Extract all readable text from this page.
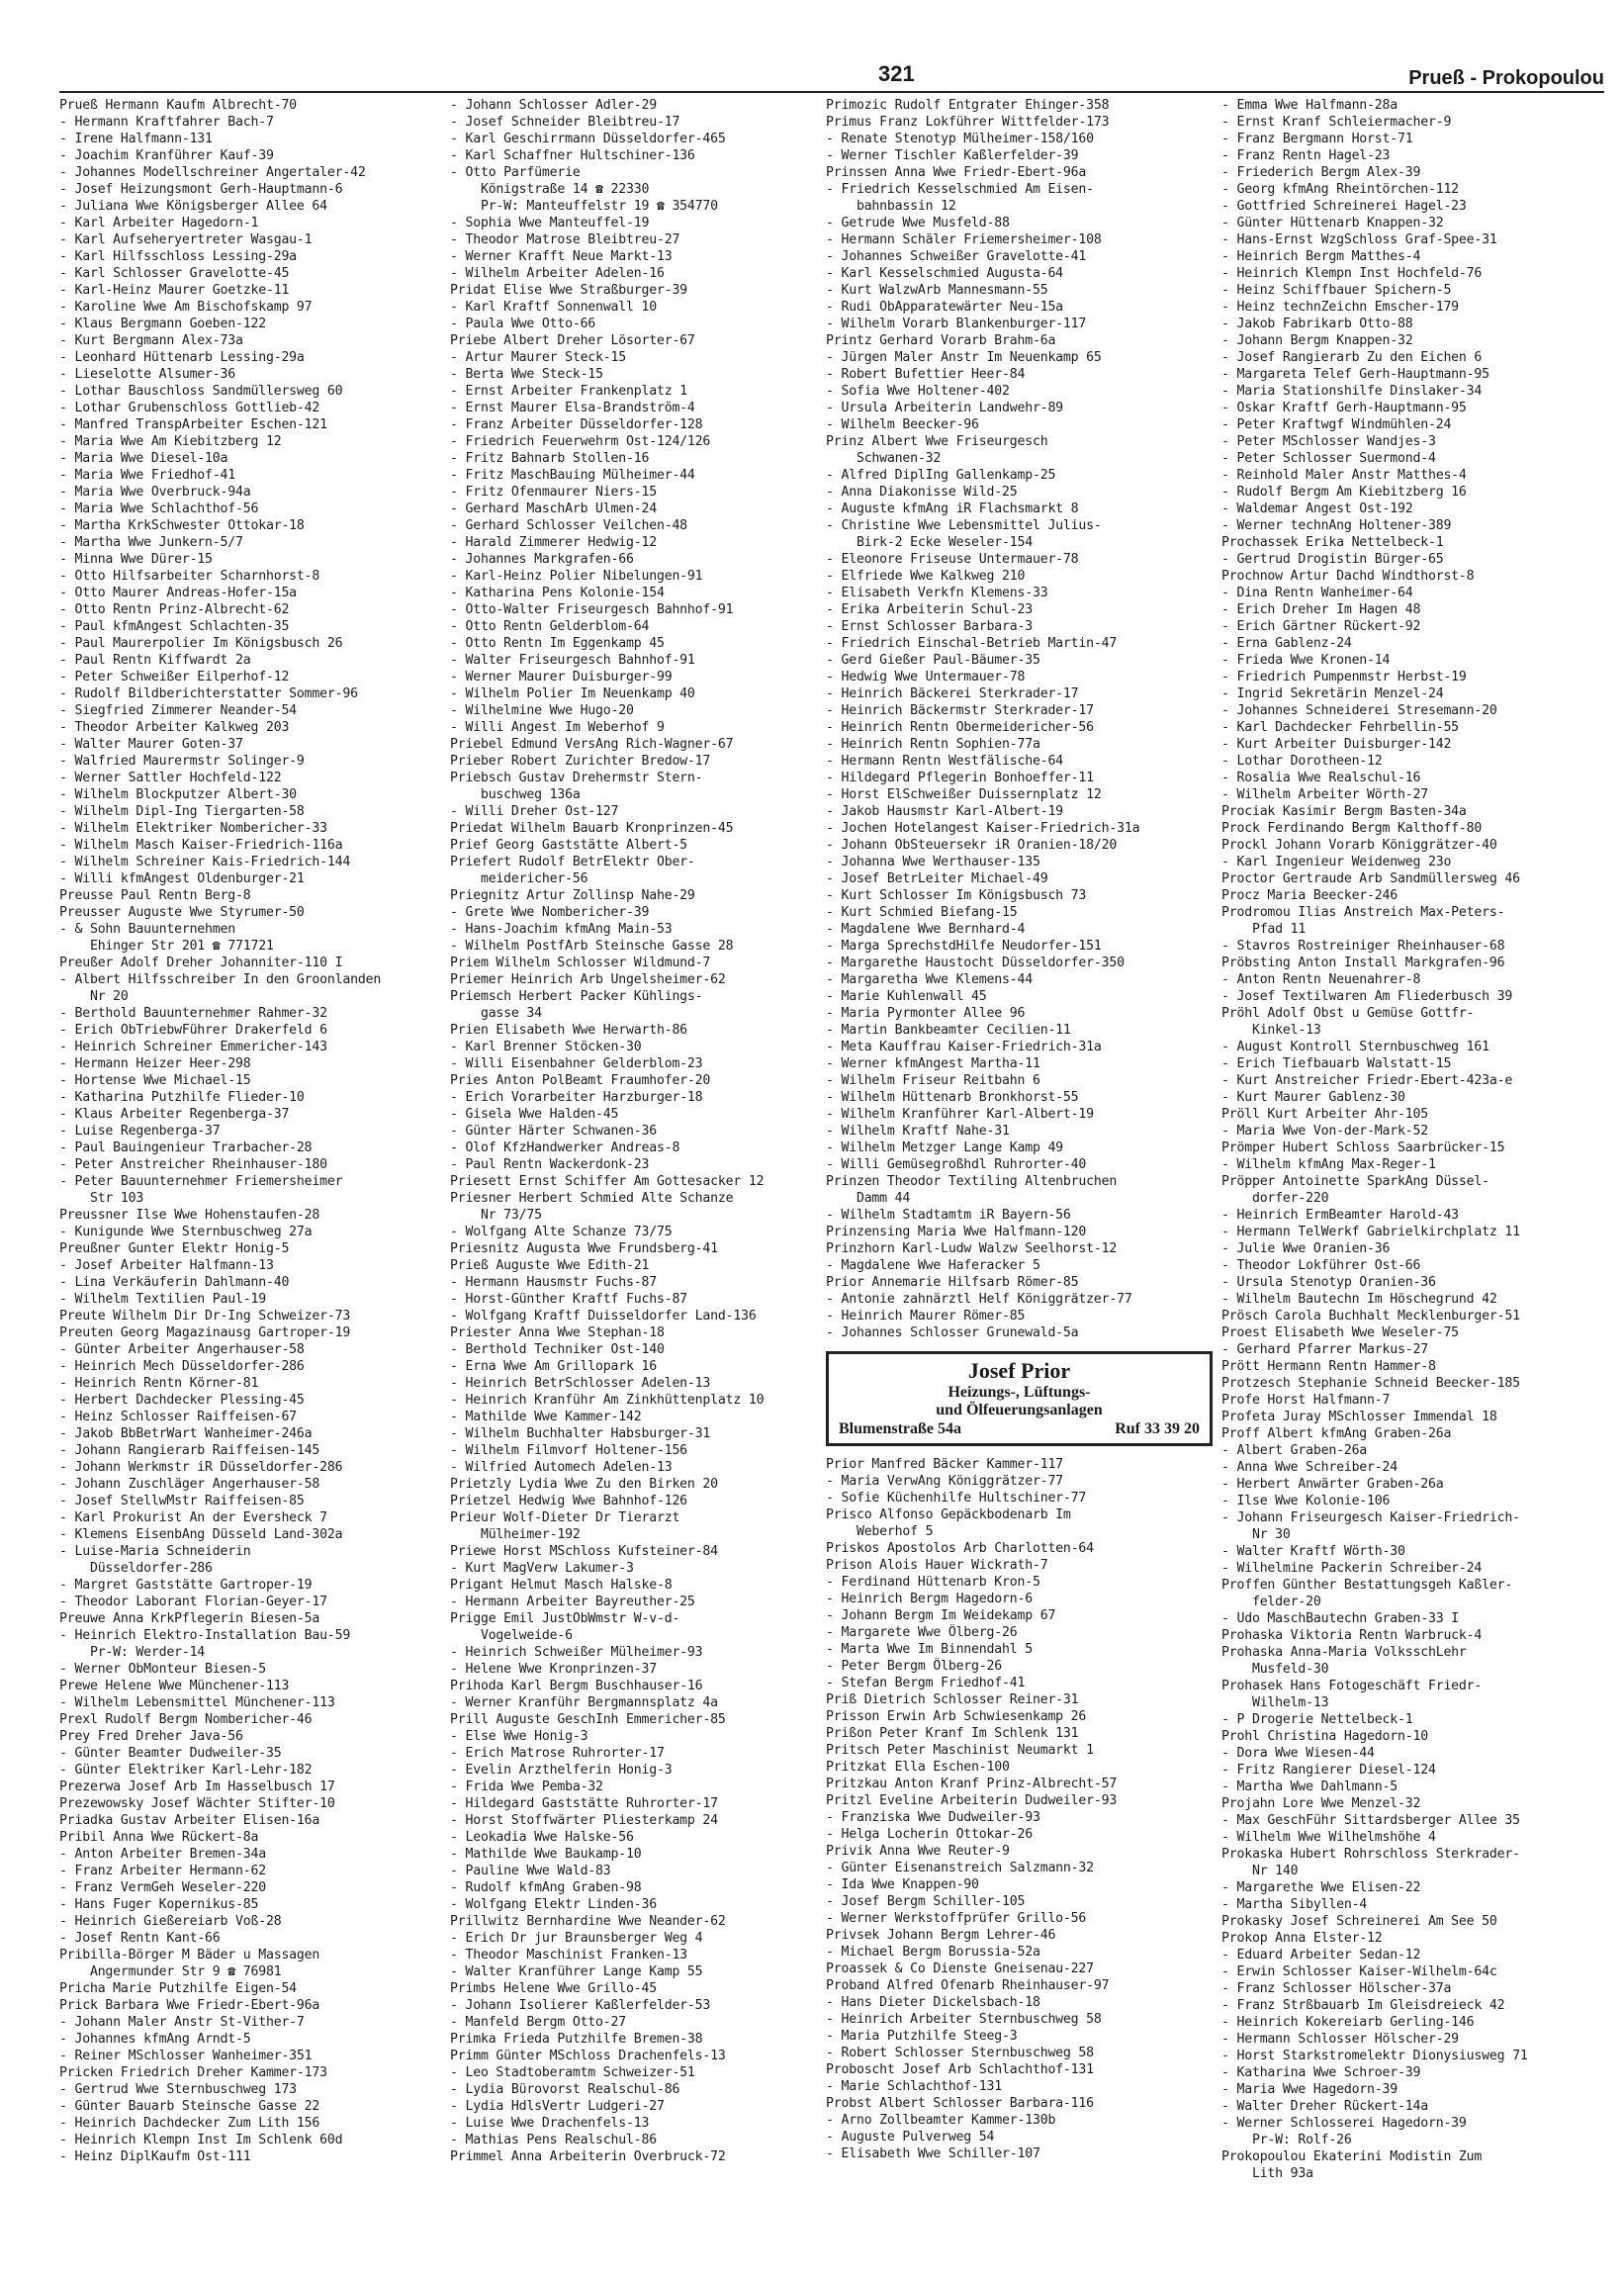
321	Prueß - Prokopoulou
Prueß Hermann Kaufm Albrecht-70
- Hermann Kraftfahrer Bach-7
- Irene Halfmann-131
- Joachim Kranführer Kauf-39
- Johannes Modellschreiner Angertaler-42
- Josef Heizungsmont Gerh-Hauptmann-6
- Juliana Wwe Königsberger Allee 64
- Karl Arbeiter Hagedorn-1
- Karl Aufseheryertreter Wasgau-1
- Karl Hilfsschloss Lessing-29a
- Karl Schlosser Gravelotte-45
- Karl-Heinz Maurer Goetzke-11
- Karoline Wwe Am Bischofskamp 97
- Klaus Bergmann Goeben-122
- Kurt Bergmann Alex-73a
- Leonhard Hüttenarb Lessing-29a
- Lieselotte Alsumer-36
- Lothar Bauschloss Sandmüllersweg 60
- Lothar Grubenschloss Gottlieb-42
- Manfred TranspArbeiter Eschen-121
- Maria Wwe Am Kiebitzberg 12
- Maria Wwe Diesel-10a
- Maria Wwe Friedhof-41
- Maria Wwe Overbruck-94a
- Maria Wwe Schlachthof-56
- Martha KrkSchwester Ottokar-18
- Martha Wwe Junkern-5/7
- Minna Wwe Dürer-15
- Otto Hilfsarbeiter Scharnhorst-8
- Otto Maurer Andreas-Hofer-15a
- Otto Rentn Prinz-Albrecht-62
- Paul kfmAngest Schlachten-35
- Paul Maurerpolier Im Königsbusch 26
- Paul Rentn Kiffwardt 2a
- Peter Schweißer Eilperhof-12
- Rudolf Bildberichterstatter Sommer-96
- Siegfried Zimmerer Neander-54
- Theodor Arbeiter Kalkweg 203
- Walter Maurer Goten-37
- Walfried Maurermstr Solinger-9
- Werner Sattler Hochfeld-122
- Wilhelm Blockputzer Albert-30
- Wilhelm Dipl-Ing Tiergarten-58
- Wilhelm Elektriker Nombericher-33
- Wilhelm Masch Kaiser-Friedrich-116a
- Wilhelm Schreiner Kais-Friedrich-144
- Willi kfmAngest Oldenburger-21
Preusse Paul Rentn Berg-8
Preusser Auguste Wwe Styrumer-50
- & Sohn Bauunternehmen
Ehinger Str 201 ☎ 771721
Preußer Adolf Dreher Johanniter-110 I
- Albert Hilfsschreiber In den Groonlanden
Nr 20
- Berthold Bauunternehmer Rahmer-32
- Erich ObTriebwFührer Drakerfeld 6
- Heinrich Schreiner Emmericher-143
- Hermann Heizer Heer-298
- Hortense Wwe Michael-15
- Katharina Putzhilfe Flieder-10
- Klaus Arbeiter Regenberga-37
- Luise Regenberga-37
- Paul Bauingenieur Trarbacher-28
- Peter Anstreicher Rheinhauser-180
- Peter Bauunternehmer Friemersheimer
Str 103
Preussner Ilse Wwe Hohenstaufen-28
- Kunigunde Wwe Sternbuschweg 27a
Preußner Gunter Elektr Honig-5
- Josef Arbeiter Halfmann-13
- Lina Verkäuferin Dahlmann-40
- Wilhelm Textilien Paul-19
Preute Wilhelm Dir Dr-Ing Schweizer-73
Preuten Georg Magazinausg Gartroper-19
- Günter Arbeiter Angerhauser-58
- Heinrich Mech Düsseldorfer-286
- Heinrich Rentn Körner-81
- Herbert Dachdecker Plessing-45
- Heinz Schlosser Raiffeisen-67
- Jakob BbBetrWart Wanheimer-246a
- Johann Rangierarb Raiffeisen-145
- Johann Werkmstr iR Düsseldorfer-286
- Johann Zuschläger Angerhauser-58
- Josef StellwMstr Raiffeisen-85
- Karl Prokurist An der Eversheck 7
- Klemens EisenbAng Düsseld Land-302a
- Luise-Maria Schneiderin
Düsseldorfer-286
- Margret Gaststätte Gartroper-19
- Theodor Laborant Florian-Geyer-17
Preuwe Anna KrkPflegerin Biesen-5a
- Heinrich Elektro-Installation Bau-59
Pr-W: Werder-14
- Werner ObMonteur Biesen-5
Prewe Helene Wwe Münchener-113
- Wilhelm Lebensmittel Münchener-113
Prexl Rudolf Bergm Nombericher-46
Prey Fred Dreher Java-56
- Günter Beamter Dudweiler-35
- Günter Elektriker Karl-Lehr-182
Prezerwa Josef Arb Im Hasselbusch 17
Prezewowsky Josef Wächter Stifter-10
Priadka Gustav Arbeiter Elisen-16a
Pribil Anna Wwe Rückert-8a
- Anton Arbeiter Bremen-34a
- Franz Arbeiter Hermann-62
- Franz VermGeh Weseler-220
- Hans Fuger Kopernikus-85
- Heinrich Gießereiarb Voß-28
- Josef Rentn Kant-66
Pribilla-Börger M Bäder u Massagen
Angermunder Str 9 ☎ 76981
Pricha Marie Putzhilfe Eigen-54
Prick Barbara Wwe Friedr-Ebert-96a
- Johann Maler Anstr St-Vither-7
- Johannes kfmAng Arndt-5
- Reiner MSchlosser Wanheimer-351
Pricken Friedrich Dreher Kammer-173
- Gertrud Wwe Sternbuschweg 173
- Günter Bauarb Steinsche Gasse 22
- Heinrich Dachdecker Zum Lith 156
- Heinrich Klempn Inst Im Schlenk 60d
- Heinz DiplKaufm Ost-111
- Johann Schlosser Adler-29
- Josef Schneider Bleibtreu-17
- Karl Geschirrmann Düsseldorfer-465
- Karl Schaffner Hultschiner-136
- Otto Parfümerie
Königstraße 14 ☎ 22330
Pr-W: Manteuffelstr 19 ☎ 354770
- Sophia Wwe Manteuffel-19
- Theodor Matrose Bleibtreu-27
- Werner Krafft Neue Markt-13
- Wilhelm Arbeiter Adelen-16
Pridat Elise Wwe Straßburger-39
- Karl Kraftf Sonnenwall 10
- Paula Wwe Otto-66
Priebe Albert Dreher Lösorter-67
- Artur Maurer Steck-15
- Berta Wwe Steck-15
- Ernst Arbeiter Frankenplatz 1
- Ernst Maurer Elsa-Brandström-4
- Franz Arbeiter Düsseldorfer-128
- Friedrich Feuerwehrm Ost-124/126
- Fritz Bahnarb Stollen-16
- Fritz MaschBauing Mülheimer-44
- Fritz Ofenmaurer Niers-15
- Gerhard MaschArb Ulmen-24
- Gerhard Schlosser Veilchen-48
- Harald Zimmerer Hedwig-12
- Johannes Markgrafen-66
- Karl-Heinz Polier Nibelungen-91
- Katharina Pens Kolonie-154
- Otto-Walter Friseurgesch Bahnhof-91
- Otto Rentn Gelderblom-64
- Otto Rentn Im Eggenkamp 45
- Walter Friseurgesch Bahnhof-91
- Werner Maurer Duisburger-99
- Wilhelm Polier Im Neuenkamp 40
- Wilhelmine Wwe Hugo-20
- Willi Angest Im Weberhof 9
Priebel Edmund VersAng Rich-Wagner-67
Prieber Robert Zurichter Bredow-17
Priebsch Gustav Drehermstr Stern-
buschweg 136a
- Willi Dreher Ost-127
Priedat Wilhelm Bauarb Kronprinzen-45
Prief Georg Gaststätte Albert-5
Priefert Rudolf BetrElektr Ober-
meidericher-56
Priegnitz Artur Zollinsp Nahe-29
- Grete Wwe Nombericher-39
- Hans-Joachim kfmAng Main-53
- Wilhelm PostfArb Steinsche Gasse 28
Priem Wilhelm Schlosser Wildmund-7
Priemer Heinrich Arb Ungelsheimer-62
Priemsch Herbert Packer Kühlings-
gasse 34
Prien Elisabeth Wwe Herwarth-86
- Karl Brenner Stöcken-30
- Willi Eisenbahner Gelderblom-23
Pries Anton PolBeamt Fraumhofer-20
- Erich Vorarbeiter Harzburger-18
- Gisela Wwe Halden-45
- Günter Härter Schwanen-36
- Olof KfzHandwerker Andreas-8
- Paul Rentn Wackerdonk-23
Priesett Ernst Schiffer Am Gottesacker 12
Priesner Herbert Schmied Alte Schanze
Nr 73/75
- Wolfgang Alte Schanze 73/75
Priesnitz Augusta Wwe Frundsberg-41
Prieß Auguste Wwe Edith-21
- Hermann Hausmstr Fuchs-87
- Horst-Günther Kraftf Fuchs-87
- Wolfgang Kraftf Duisseldorfer Land-136
Priester Anna Wwe Stephan-18
- Berthold Techniker Ost-140
- Erna Wwe Am Grillopark 16
- Heinrich BetrSchlosser Adelen-13
- Heinrich Kranführ Am Zinkhüttenplatz 10
- Mathilde Wwe Kammer-142
- Wilhelm Buchhalter Habsburger-31
- Wilhelm Filmvorf Holtener-156
- Wilfried Automech Adelen-13
Prietzly Lydia Wwe Zu den Birken 20
Prietzel Hedwig Wwe Bahnhof-126
Prieur Wolf-Dieter Dr Tierarzt
Mülheimer-192
Priewe Horst MSchloss Kufsteiner-84
- Kurt MagVerw Lakumer-3
Prigant Helmut Masch Halske-8
- Hermann Arbeiter Bayreuther-25
Prigge Emil JustObWmstr W-v-d-
Vogelweide-6
- Heinrich Schweißer Mülheimer-93
- Helene Wwe Kronprinzen-37
Prihoda Karl Bergm Buschhauser-16
- Werner Kranführ Bergmannsplatz 4a
Prill Auguste GeschInh Emmericher-85
- Else Wwe Honig-3
- Erich Matrose Ruhrorter-17
- Evelin Arzthelferin Honig-3
- Frida Wwe Pemba-32
- Hildegard Gaststätte Ruhrorter-17
- Horst Stoffwärter Pliesterkamp 24
- Leokadia Wwe Halske-56
- Mathilde Wwe Baukamp-10
- Pauline Wwe Wald-83
- Rudolf kfmAng Graben-98
- Wolfgang Elektr Linden-36
Prillwitz Bernhardine Wwe Neander-62
- Erich Dr jur Braunsberger Weg 4
- Theodor Maschinist Franken-13
- Walter Kranführer Lange Kamp 55
Primbs Helene Wwe Grillo-45
- Johann Isolierer Kaßlerfelder-53
- Manfeld Bergm Otto-27
Primka Frieda Putzhilfe Bremen-38
Primm Günter MSchloss Drachenfels-13
- Leo Stadtoberamtm Schweizer-51
- Lydia Bürovorst Realschul-86
- Lydia HdlsVertr Ludgeri-27
- Luise Wwe Drachenfels-13
- Mathias Pens Realschul-86
Primmel Anna Arbeiterin Overbruck-72
Primozic Rudolf Entgrater Ehinger-358
Primus Franz Lokführer Wittfelder-173
- Renate Stenotyp Mülheimer-158/160
- Werner Tischler Kaßlerfelder-39
Prinssen Anna Wwe Friedr-Ebert-96a
- Friedrich Kesselschmied Am Eisen-
bahnbassin 12
- Getrude Wwe Musfeld-88
- Hermann Schäler Friemersheimer-108
- Johannes Schweißer Gravelotte-41
- Karl Kesselschmied Augusta-64
- Kurt WalzwArb Mannesmann-55
- Rudi ObApparatewärter Neu-15a
- Wilhelm Vorarb Blankenburger-117
Printz Gerhard Vorarb Brahm-6a
- Jürgen Maler Anstr Im Neuenkamp 65
- Robert Bufettier Heer-84
- Sofia Wwe Holtener-402
- Ursula Arbeiterin Landwehr-89
- Wilhelm Beecker-96
Prinz Albert Wwe Friseurgesch
Schwanen-32
- Alfred DiplIng Gallenkamp-25
- Anna Diakonisse Wild-25
- Auguste kfmAng iR Flachsmarkt 8
- Christine Wwe Lebensmittel Julius-
Birk-2 Ecke Weseler-154
- Eleonore Friseuse Untermauer-78
- Elfriede Wwe Kalkweg 210
- Elisabeth Verkfn Klemens-33
- Erika Arbeiterin Schul-23
- Ernst Schlosser Barbara-3
- Friedrich Einschal-Betrieb Martin-47
- Gerd Gießer Paul-Bäumer-35
- Hedwig Wwe Untermauer-78
- Heinrich Bäckerei Sterkrader-17
- Heinrich Bäckermstr Sterkrader-17
- Heinrich Rentn Obermeidericher-56
- Heinrich Rentn Sophien-77a
- Hermann Rentn Westfälische-64
- Hildegard Pflegerin Bonhoeffer-11
- Horst ElSchweißer Duissernplatz 12
- Jakob Hausmstr Karl-Albert-19
- Jochen Hotelangest Kaiser-Friedrich-31a
- Johann ObSteuersekr iR Oranien-18/20
- Johanna Wwe Werthauser-135
- Josef BetrLeiter Michael-49
- Kurt Schlosser Im Königsbusch 73
- Kurt Schmied Biefang-15
- Magdalene Wwe Bernhard-4
- Marga SprechstdHilfe Neudorfer-151
- Margarethe Haustocht Düsseldorfer-350
- Margaretha Wwe Klemens-44
- Marie Kuhlenwall 45
- Maria Pyrmonter Allee 96
- Martin Bankbeamter Cecilien-11
- Meta Kauffrau Kaiser-Friedrich-31a
- Werner kfmAngest Martha-11
- Wilhelm Friseur Reitbahn 6
- Wilhelm Hüttenarb Bronkhorst-55
- Wilhelm Kranführer Karl-Albert-19
- Wilhelm Kraftf Nahe-31
- Wilhelm Metzger Lange Kamp 49
- Willi Gemüsegroßhdl Ruhrorter-40
Prinzen Theodor Textiling Altenbruchen
Damm 44
- Wilhelm Stadtamtm iR Bayern-56
Prinzensing Maria Wwe Halfmann-120
Prinzhorn Karl-Ludw Walzw Seelhorst-12
- Magdalene Wwe Haferacker 5
Prior Annemarie Hilfsarb Römer-85
- Antonie zahnärztl Helf Königgrätzer-77
- Heinrich Maurer Römer-85
- Johannes Schlosser Grunewald-5a
Josef Prior
Heizungs-, Lüftungs-
und Ölfeuerungsanlagen
Blumenstraße 54a	Ruf 33 39 20
Prior Manfred Bäcker Kammer-117
- Maria VerwAng Königgrätzer-77
- Sofie Küchenhilfe Hultschiner-77
Prisco Alfonso Gepäckbodenarb Im
Weberhof 5
Priskos Apostolos Arb Charlotten-64
Prison Alois Hauer Wickrath-7
- Ferdinand Hüttenarb Kron-5
- Heinrich Bergm Hagedorn-6
- Johann Bergm Im Weidekamp 67
- Margarete Wwe Ölberg-26
- Marta Wwe Im Binnendahl 5
- Peter Bergm Ölberg-26
- Stefan Bergm Friedhof-41
Priß Dietrich Schlosser Reiner-31
Prisson Erwin Arb Schwiesenkamp 26
Prißon Peter Kranf Im Schlenk 131
Pritsch Peter Maschinist Neumarkt 1
Pritzkat Ella Eschen-100
Pritzkau Anton Kranf Prinz-Albrecht-57
Pritzl Eveline Arbeiterin Dudweiler-93
- Franziska Wwe Dudweiler-93
- Helga Locherin Ottokar-26
Privik Anna Wwe Reuter-9
- Günter Eisenanstreich Salzmann-32
- Ida Wwe Knappen-90
- Josef Bergm Schiller-105
- Werner Werkstoffprüfer Grillo-56
Privsek Johann Bergm Lehrer-46
- Michael Bergm Borussia-52a
Proassek & Co Dienste Gneisenau-227
Proband Alfred Ofenarb Rheinhauser-97
- Hans Dieter Dickelsbach-18
- Heinrich Arbeiter Sternbuschweg 58
- Maria Putzhilfe Steeg-3
- Robert Schlosser Sternbuschweg 58
Proboscht Josef Arb Schlachthof-131
- Marie Schlachthof-131
Probst Albert Schlosser Barbara-116
- Arno Zollbeamter Kammer-130b
- Auguste Pulverweg 54
- Elisabeth Wwe Schiller-107
- Emma Wwe Halfmann-28a
- Ernst Kranf Schleiermacher-9
- Franz Bergmann Horst-71
- Franz Rentn Hagel-23
- Friederich Bergm Alex-39
- Georg kfmAng Rheintörchen-112
- Gottfried Schreinerei Hagel-23
- Günter Hüttenarb Knappen-32
- Hans-Ernst WzgSchloss Graf-Spee-31
- Heinrich Bergm Matthes-4
- Heinrich Klempn Inst Hochfeld-76
- Heinz Schiffbauer Spichern-5
- Heinz technZeichn Emscher-179
- Jakob Fabrikarb Otto-88
- Johann Bergm Knappen-32
- Josef Rangierarb Zu den Eichen 6
- Margareta Telef Gerh-Hauptmann-95
- Maria Stationshilfe Dinslaker-34
- Oskar Kraftf Gerh-Hauptmann-95
- Peter Kraftwgf Windmühlen-24
- Peter MSchlosser Wandjes-3
- Peter Schlosser Suermond-4
- Reinhold Maler Anstr Matthes-4
- Rudolf Bergm Am Kiebitzberg 16
- Waldemar Angest Ost-192
- Werner technAng Holtener-389
Prochassek Erika Nettelbeck-1
- Gertrud Drogistin Bürger-65
Prochnow Artur Dachd Windthorst-8
- Dina Rentn Wanheimer-64
- Erich Dreher Im Hagen 48
- Erich Gärtner Rückert-92
- Erna Gablenz-24
- Frieda Wwe Kronen-14
- Friedrich Pumpenmstr Herbst-19
- Ingrid Sekretärin Menzel-24
- Johannes Schneiderei Stresemann-20
- Karl Dachdecker Fehrbellin-55
- Kurt Arbeiter Duisburger-142
- Lothar Dorotheen-12
- Rosalia Wwe Realschul-16
- Wilhelm Arbeiter Wörth-27
Prociak Kasimir Bergm Basten-34a
Prock Ferdinando Bergm Kalthoff-80
Prockl Johann Vorarb Königgrätzer-40
- Karl Ingenieur Weidenweg 23o
Proctor Gertraude Arb Sandmüllersweg 46
Procz Maria Beecker-246
Prodromou Ilias Anstreich Max-Peters-
Pfad 11
- Stavros Rostreiniger Rheinhauser-68
Pröbsting Anton Install Markgrafen-96
- Anton Rentn Neuenahrer-8
- Josef Textilwaren Am Fliederbusch 39
Pröhl Adolf Obst u Gemüse Gottfr-
Kinkel-13
- August Kontroll Sternbuschweg 161
- Erich Tiefbauarb Walstatt-15
- Kurt Anstreicher Friedr-Ebert-423a-e
- Kurt Maurer Gablenz-30
Pröll Kurt Arbeiter Ahr-105
- Maria Wwe Von-der-Mark-52
Prömper Hubert Schloss Saarbrücker-15
- Wilhelm kfmAng Max-Reger-1
Pröpper Antoinette SparkAng Düssel-
dorfer-220
- Heinrich ErmBeamter Harold-43
- Hermann TelWerkf Gabrielkirchplatz 11
- Julie Wwe Oranien-36
- Theodor Lokführer Ost-66
- Ursula Stenotyp Oranien-36
- Wilhelm Bautechn Im Höschegrund 42
Prösch Carola Buchhalt Mecklenburger-51
Proest Elisabeth Wwe Weseler-75
- Gerhard Pfarrer Markus-27
Prött Hermann Rentn Hammer-8
Protzesch Stephanie Schneid Beecker-185
Profe Horst Halfmann-7
Profeta Juray MSchlosser Immendal 18
Proff Albert kfmAng Graben-26a
- Albert Graben-26a
- Anna Wwe Schreiber-24
- Herbert Anwärter Graben-26a
- Ilse Wwe Kolonie-106
- Johann Friseurgesch Kaiser-Friedrich-
Nr 30
- Walter Kraftf Wörth-30
- Wilhelmine Packerin Schreiber-24
Proffen Günther Bestattungsgeh Kaßler-
felder-20
- Udo MaschBautechn Graben-33 I
Prohaska Viktoria Rentn Warbruck-4
Prohaska Anna-Maria VolksschLehr
Musfeld-30
Prohasek Hans Fotogeschäft Friedr-
Wilhelm-13
- P Drogerie Nettelbeck-1
Prohl Christina Hagedorn-10
- Dora Wwe Wiesen-44
- Fritz Rangierer Diesel-124
- Martha Wwe Dahlmann-5
Projahn Lore Wwe Menzel-32
- Max GeschFühr Sittardsberger Allee 35
- Wilhelm Wwe Wilhelmshöhe 4
Prokaska Hubert Rohrschloss Sterkrader-
Nr 140
- Margarethe Wwe Elisen-22
- Martha Sibyllen-4
Prokasky Josef Schreinerei Am See 50
Prokop Anna Elster-12
- Eduard Arbeiter Sedan-12
- Erwin Schlosser Kaiser-Wilhelm-64c
- Franz Schlosser Hölscher-37a
- Franz Strßbauarb Im Gleisdreieck 42
- Heinrich Kokereiarb Gerling-146
- Hermann Schlosser Hölscher-29
- Horst Starkstromelektr Dionysiusweg 71
- Katharina Wwe Schroer-39
- Maria Wwe Hagedorn-39
- Walter Dreher Rückert-14a
- Werner Schlosserei Hagedorn-39
Pr-W: Rolf-26
Prokopoulou Ekaterini Modistin Zum
Lith 93a
